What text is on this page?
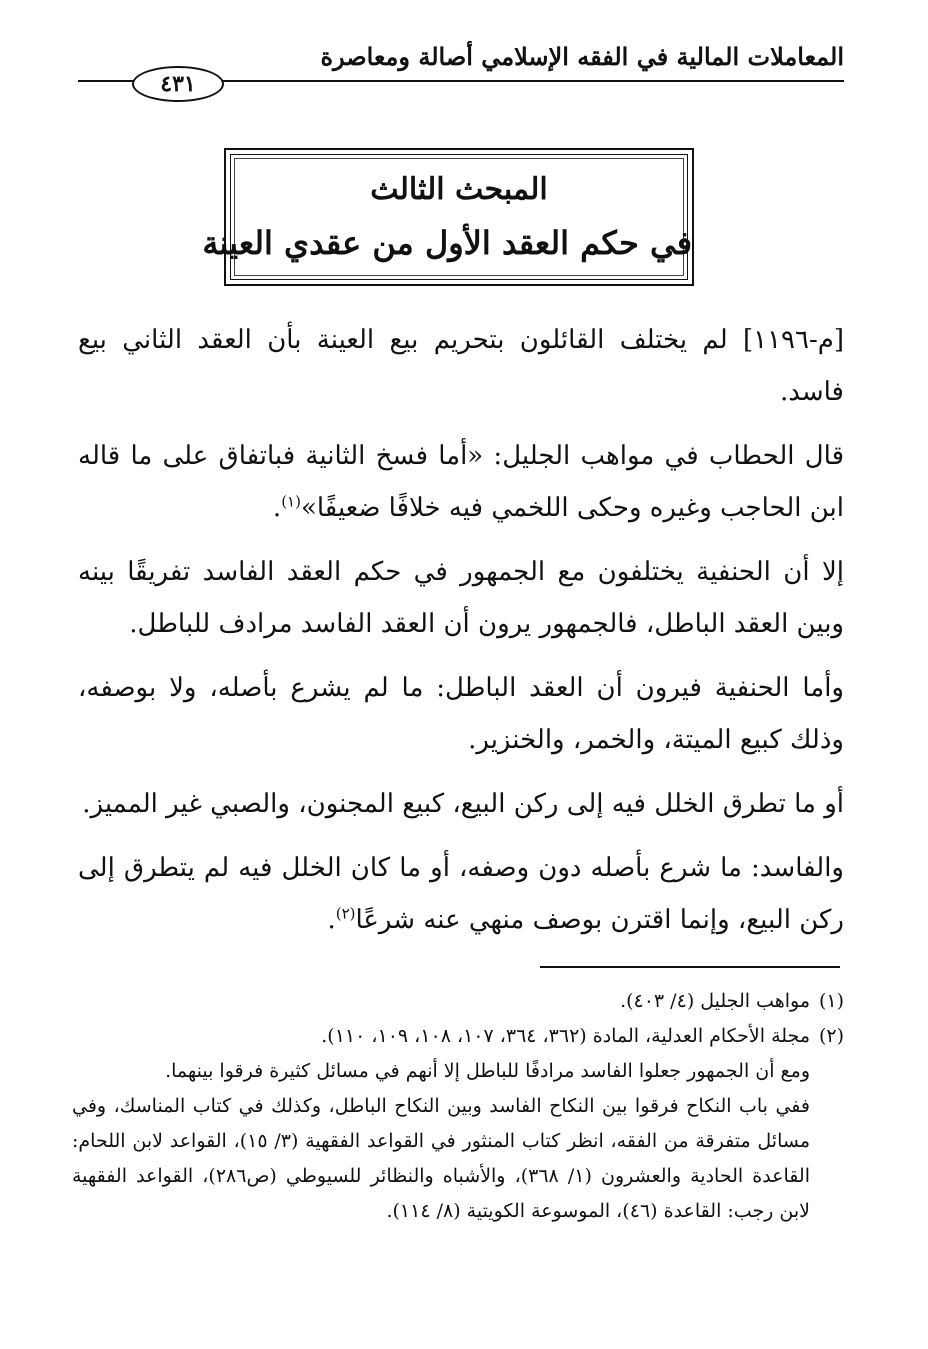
المعاملات المالية في الفقه الإسلامي أصالة ومعاصرة
٤٣١
المبحث الثالث
في حكم العقد الأول من عقدي العينة

[م-١١٩٦] لم يختلف القائلون بتحريم بيع العينة بأن العقد الثاني بيع فاسد.

قال الحطاب في مواهب الجليل: «أما فسخ الثانية فباتفاق على ما قاله ابن الحاجب وغيره وحكى اللخمي فيه خلافًا ضعيفًا»$^{(١)}$.

إلا أن الحنفية يختلفون مع الجمهور في حكم العقد الفاسد تفريقًا بينه وبين العقد الباطل، فالجمهور يرون أن العقد الفاسد مرادف للباطل.

وأما الحنفية فيرون أن العقد الباطل: ما لم يشرع بأصله، ولا بوصفه، وذلك كبيع الميتة، والخمر، والخنزير.

أو ما تطرق الخلل فيه إلى ركن البيع، كبيع المجنون، والصبي غير المميز.

والفاسد: ما شرع بأصله دون وصفه، أو ما كان الخلل فيه لم يتطرق إلى ركن البيع، وإنما اقترن بوصف منهي عنه شرعًا$^{(٢)}$.

(١)مواهب الجليل (٤/ ٤٠٣).

(٢)مجلة الأحكام العدلية، المادة (٣٦٢، ٣٦٤، ١٠٧، ١٠٨، ١٠٩، ١١٠).

ومع أن الجمهور جعلوا الفاسد مرادفًا للباطل إلا أنهم في مسائل كثيرة فرقوا بينهما.

ففي باب النكاح فرقوا بين النكاح الفاسد وبين النكاح الباطل، وكذلك في كتاب المناسك، وفي مسائل متفرقة من الفقه، انظر كتاب المنثور في القواعد الفقهية (٣/ ١٥)، القواعد لابن اللحام: القاعدة الحادية والعشرون (١/ ٣٦٨)، والأشباه والنظائر للسيوطي (ص٢٨٦)، القواعد الفقهية لابن رجب: القاعدة (٤٦)، الموسوعة الكويتية (٨/ ١١٤).
